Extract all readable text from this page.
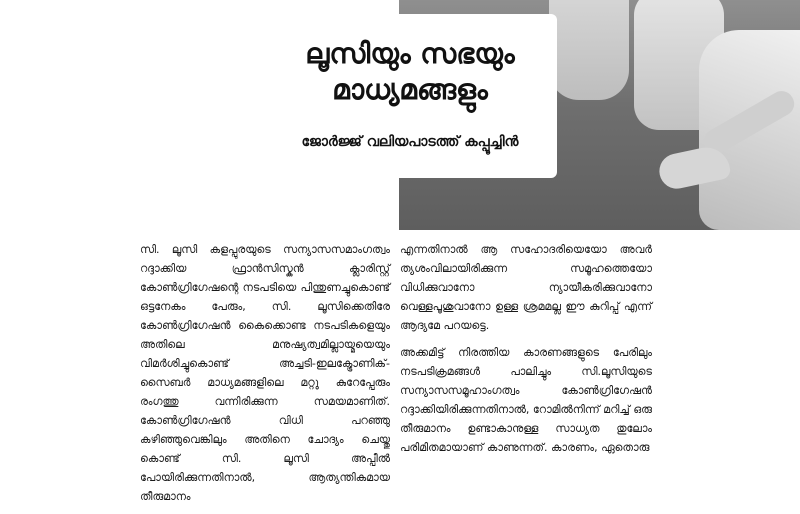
ലൂസിയും സഭയും
മാധ്യമങ്ങളും
ജോർജ്ജ് വലിയപാടത്ത് കപ്പൂച്ചിൻ

സി. ലൂസി കളപ്പുരയുടെ സന്യാസസമാംഗത്വം റദ്ദാക്കിയ ഫ്രാൻസിസ്കൻ ക്ലാരിസ്റ്റ് കോൺഗ്രിഗേഷന്റെ നടപടിയെ പിന്തുണച്ചുകൊണ്ട് ഒട്ടനേകം പേരും, സി. ലൂസിക്കെതിരേ കോൺഗ്രിഗേഷൻ കൈക്കൊണ്ട നടപടികളെയും അതിലെ മനുഷ്യത്വമില്ലായ്മയെയും വിമർശിച്ചുകൊണ്ട് അച്ചടി-ഇലക്ട്രോണിക്-സൈബർ മാധ്യമങ്ങളിലെ മറ്റു കുറേപ്പേരും രംഗത്തു വന്നിരിക്കുന്ന സമയമാണിത്. കോൺഗ്രിഗേഷൻ വിധി പറഞ്ഞു കഴിഞ്ഞുവെങ്കിലും അതിനെ ചോദ്യം ചെയ്തു കൊണ്ട് സി. ലൂസി അപ്പീൽ പോയിരിക്കുന്നതിനാൽ, ആത്യന്തികമായ തീരുമാനം

എന്നതിനാൽ ആ സഹോദരിയെയോ അവർ ത്യശംവിലായിരിക്കുന്ന സമൂഹത്തെയോ വിധിക്കുവാനോ ന്യായീകരിക്കുവാനോ വെള്ളപൂശുവാനോ ഉള്ള ശ്രമമല്ല ഈ കുറിപ്പ് എന്ന് ആദ്യമേ പറയട്ടെ.

അക്കമിട്ട് നിരത്തിയ കാരണങ്ങളുടെ പേരിലും നടപടിക്രമങ്ങൾ പാലിച്ചും സി.ലൂസിയുടെ സന്യാസസമൂഹാംഗത്വം കോൺഗ്രിഗേഷൻ റദ്ദാക്കിയിരിക്കുന്നതിനാൽ, റോമിൽനിന്ന് മറിച്ച് ഒരു തീരുമാനം ഉണ്ടാകാനുള്ള സാധ്യത തുലോം പരിമിതമായാണ് കാണുന്നത്. കാരണം, ഏതൊരു
